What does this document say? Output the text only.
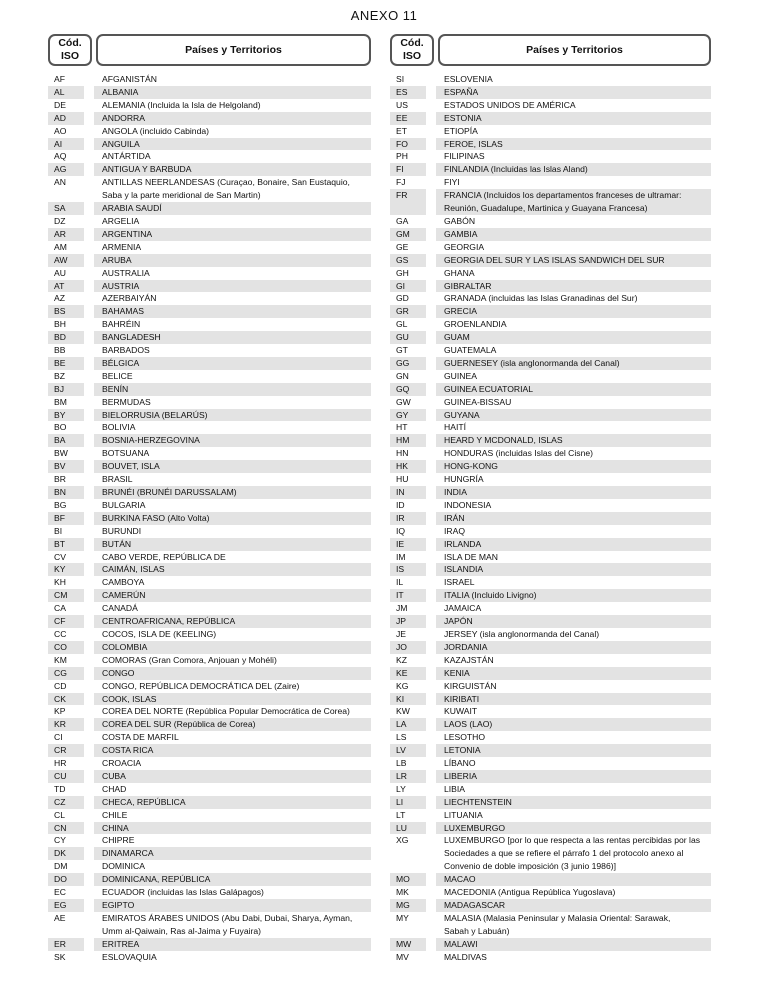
ANEXO 11
Cód.
ISO
Países y Territorios
AF	AFGANISTÁN
AL	ALBANIA
DE	ALEMANIA (Incluida la Isla de Helgoland)
AD	ANDORRA
AO	ANGOLA (incluido Cabinda)
AI	ANGUILA
AQ	ANTÁRTIDA
AG	ANTIGUA Y BARBUDA
AN	ANTILLAS NEERLANDESAS (Curaçao, Bonaire, San Eustaquio,
Saba y la parte meridional de San Martin)
SA	ARABIA SAUDÍ
DZ	ARGELIA
AR	ARGENTINA
AM	ARMENIA
AW	ARUBA
AU	AUSTRALIA
AT	AUSTRIA
AZ	AZERBAIYÁN
BS	BAHAMAS
BH	BAHRÉIN
BD	BANGLADESH
BB	BARBADOS
BE	BÉLGICA
BZ	BELICE
BJ	BENÍN
BM	BERMUDAS
BY	BIELORRUSIA (BELARÚS)
BO	BOLIVIA
BA	BOSNIA-HERZEGOVINA
BW	BOTSUANA
BV	BOUVET, ISLA
BR	BRASIL
BN	BRUNÉI (BRUNÉI DARUSSALAM)
BG	BULGARIA
BF	BURKINA FASO (Alto Volta)
BI	BURUNDI
BT	BUTÁN
CV	CABO VERDE, REPÚBLICA DE
KY	CAIMÁN, ISLAS
KH	CAMBOYA
CM	CAMERÚN
CA	CANADÁ
CF	CENTROAFRICANA, REPÚBLICA
CC	COCOS, ISLA DE (KEELING)
CO	COLOMBIA
KM	COMORAS (Gran Comora, Anjouan y Mohéli)
CG	CONGO
CD	CONGO, REPÚBLICA DEMOCRÁTICA DEL (Zaire)
CK	COOK, ISLAS
KP	COREA DEL NORTE (República Popular Democrática de Corea)
KR	COREA DEL SUR (República de Corea)
CI	COSTA DE MARFIL
CR	COSTA RICA
HR	CROACIA
CU	CUBA
TD	CHAD
CZ	CHECA, REPÚBLICA
CL	CHILE
CN	CHINA
CY	CHIPRE
DK	DINAMARCA
DM	DOMINICA
DO	DOMINICANA, REPÚBLICA
EC	ECUADOR (incluidas las Islas Galápagos)
EG	EGIPTO
AE	EMIRATOS ÁRABES UNIDOS (Abu Dabi, Dubai, Sharya, Ayman,
Umm al-Qaiwain, Ras al-Jaima y Fuyaira)
ER	ERITREA
SK	ESLOVAQUIA
Cód.
ISO
Países y Territorios
SI	ESLOVENIA
ES	ESPAÑA
US	ESTADOS UNIDOS DE AMÉRICA
EE	ESTONIA
ET	ETIOPÍA
FO	FEROE, ISLAS
PH	FILIPINAS
FI	FINLANDIA (Incluidas las Islas Aland)
FJ	FIYI
FR	FRANCIA (Incluidos los departamentos franceses de ultramar:
Reunión, Guadalupe, Martinica y Guayana Francesa)
GA	GABÓN
GM	GAMBIA
GE	GEORGIA
GS	GEORGIA DEL SUR Y LAS ISLAS SANDWICH DEL SUR
GH	GHANA
GI	GIBRALTAR
GD	GRANADA (incluidas las Islas Granadinas del Sur)
GR	GRECIA
GL	GROENLANDIA
GU	GUAM
GT	GUATEMALA
GG	GUERNESEY (isla anglonormanda del Canal)
GN	GUINEA
GQ	GUINEA ECUATORIAL
GW	GUINEA-BISSAU
GY	GUYANA
HT	HAITÍ
HM	HEARD Y MCDONALD, ISLAS
HN	HONDURAS (incluidas Islas del Cisne)
HK	HONG-KONG
HU	HUNGRÍA
IN	INDIA
ID	INDONESIA
IR	IRÁN
IQ	IRAQ
IE	IRLANDA
IM	ISLA DE MAN
IS	ISLANDIA
IL	ISRAEL
IT	ITALIA (Incluido Livigno)
JM	JAMAICA
JP	JAPÓN
JE	JERSEY (isla anglonormanda del Canal)
JO	JORDANIA
KZ	KAZAJSTÁN
KE	KENIA
KG	KIRGUISTÁN
KI	KIRIBATI
KW	KUWAIT
LA	LAOS (LAO)
LS	LESOTHO
LV	LETONIA
LB	LÍBANO
LR	LIBERIA
LY	LIBIA
LI	LIECHTENSTEIN
LT	LITUANIA
LU	LUXEMBURGO
XG	LUXEMBURGO [por lo que respecta a las rentas percibidas por las
Sociedades a que se refiere el párrafo 1 del protocolo anexo al
Convenio de doble imposición (3 junio 1986)]
MO	MACAO
MK	MACEDONIA (Antigua República Yugoslava)
MG	MADAGASCAR
MY	MALASIA (Malasia Peninsular y Malasia Oriental: Sarawak,
Sabah y Labuán)
MW	MALAWI
MV	MALDIVAS
